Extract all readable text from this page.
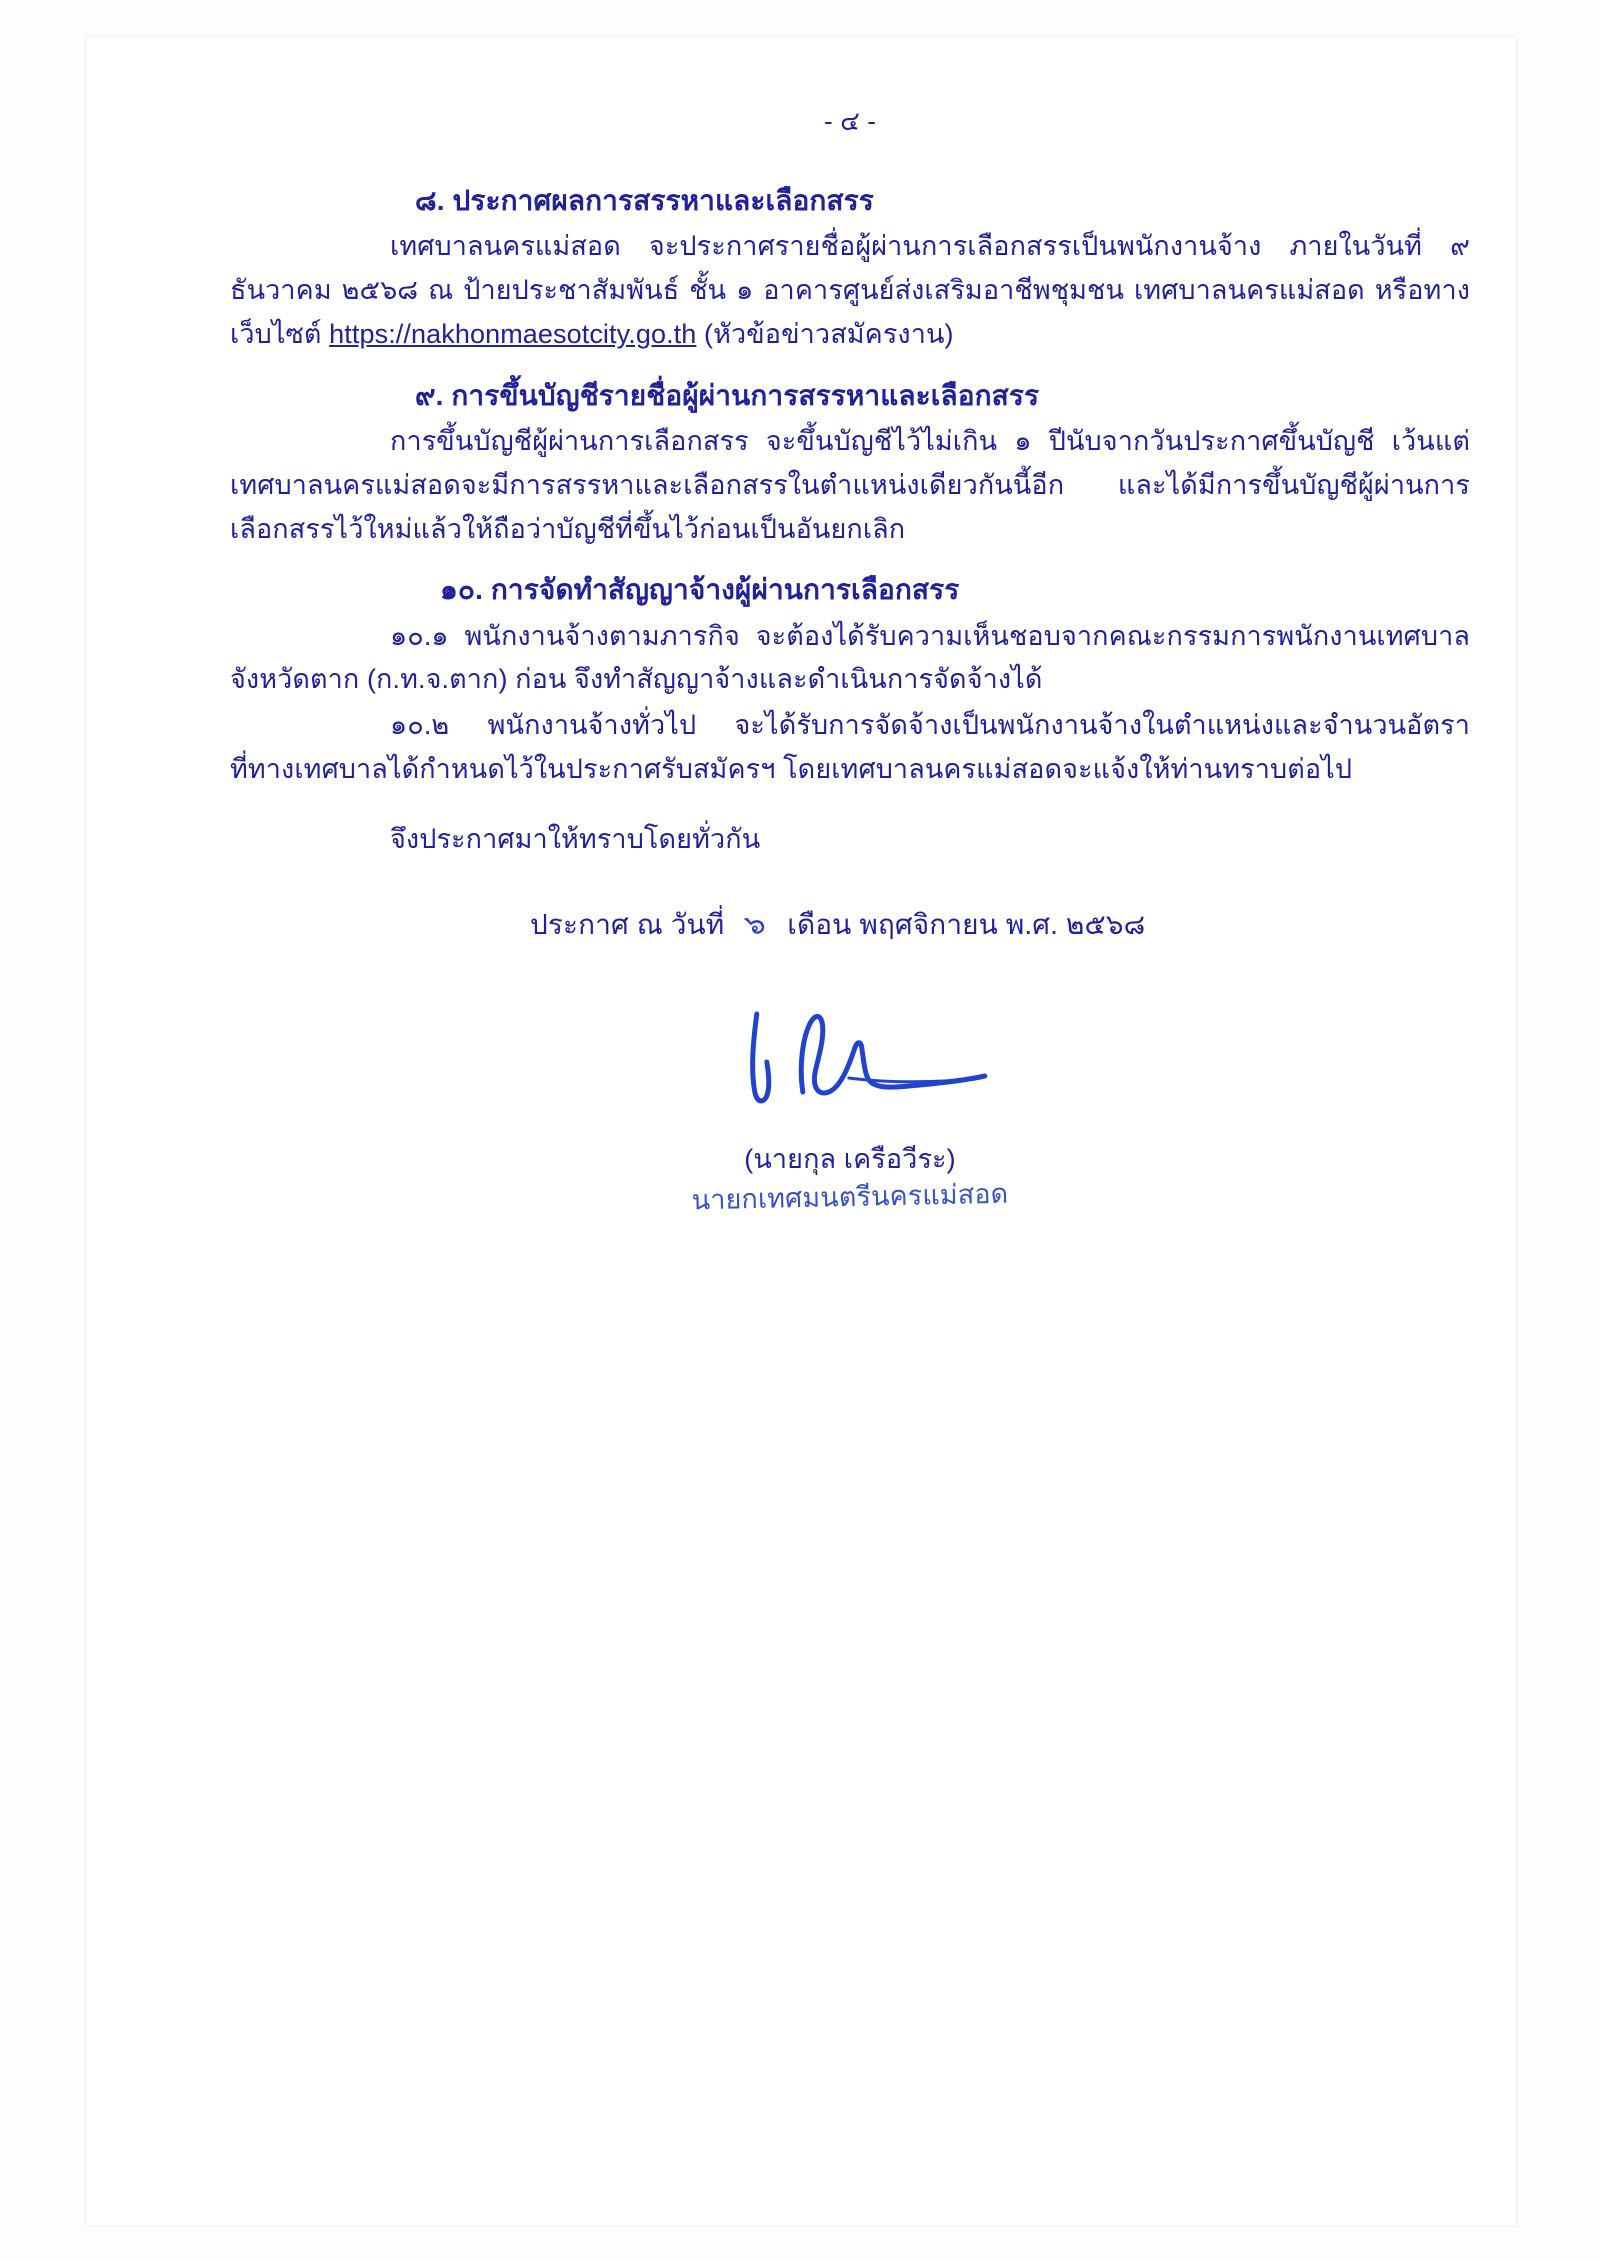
- ๔ -
๘. ประกาศผลการสรรหาและเลือกสรร
เทศบาลนครแม่สอด จะประกาศรายชื่อผู้ผ่านการเลือกสรรเป็นพนักงานจ้าง ภายในวันที่ ๙ ธันวาคม ๒๕๖๘ ณ ป้ายประชาสัมพันธ์ ชั้น ๑ อาคารศูนย์ส่งเสริมอาชีพชุมชน เทศบาลนครแม่สอด หรือทางเว็บไซต์ https://nakhonmaesotcity.go.th (หัวข้อข่าวสมัครงาน)
๙. การขึ้นบัญชีรายชื่อผู้ผ่านการสรรหาและเลือกสรร
การขึ้นบัญชีผู้ผ่านการเลือกสรร จะขึ้นบัญชีไว้ไม่เกิน ๑ ปีนับจากวันประกาศขึ้นบัญชี เว้นแต่เทศบาลนครแม่สอดจะมีการสรรหาและเลือกสรรในตำแหน่งเดียวกันนี้อีก และได้มีการขึ้นบัญชีผู้ผ่านการเลือกสรรไว้ใหม่แล้วให้ถือว่าบัญชีที่ขึ้นไว้ก่อนเป็นอันยกเลิก
๑๐. การจัดทำสัญญาจ้างผู้ผ่านการเลือกสรร
๑๐.๑ พนักงานจ้างตามภารกิจ จะต้องได้รับความเห็นชอบจากคณะกรรมการพนักงานเทศบาลจังหวัดตาก (ก.ท.จ.ตาก) ก่อน จึงทำสัญญาจ้างและดำเนินการจัดจ้างได้
๑๐.๒ พนักงานจ้างทั่วไป จะได้รับการจัดจ้างเป็นพนักงานจ้างในตำแหน่งและจำนวนอัตราที่ทางเทศบาลได้กำหนดไว้ในประกาศรับสมัครฯ โดยเทศบาลนครแม่สอดจะแจ้งให้ท่านทราบต่อไป
จึงประกาศมาให้ทราบโดยทั่วกัน
ประกาศ ณ วันที่ ๖ เดือน พฤศจิกายน พ.ศ. ๒๕๖๘
(นายกุล เครือวีระ)
นายกเทศมนตรีนครแม่สอด
